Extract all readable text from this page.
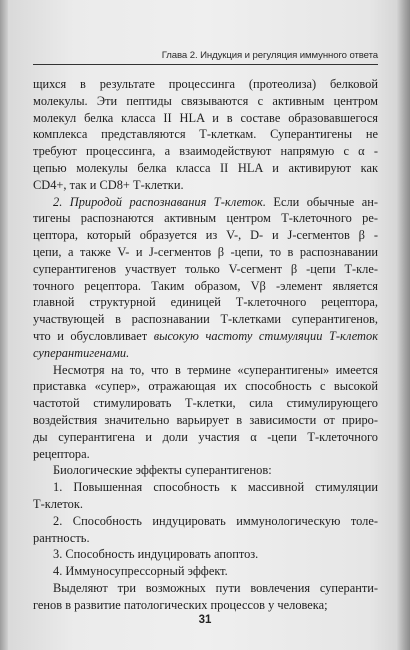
Глава 2. Индукция и регуляция иммунного ответа
щихся в результате процессинга (протеолиза) белковой
молекулы. Эти пептиды связываются с активным центром
молекул белка класса II HLA и в составе образовавшегося
комплекса представляются Т-клеткам. Суперантигены не
требуют процессинга, а взаимодействуют напрямую с α -
цепью молекулы белка класса II HLA и активируют как
CD4+, так и CD8+ Т-клетки.
2. Природой распознавания Т-клеток. Если обычные ан-
тигены распознаются активным центром Т-клеточного ре-
цептора, который образуется из V-, D- и J-сегментов β -
цепи, а также V- и J-сегментов β -цепи, то в распознавании
суперантигенов участвует только V-сегмент β -цепи Т-кле-
точного рецептора. Таким образом, Vβ -элемент является
главной структурной единицей Т-клеточного рецептора,
участвующей в распознавании Т-клетками суперантигенов,
что и обусловливает высокую частоту стимуляции Т-клеток
суперантигенами.
Несмотря на то, что в термине «суперантигены» имеется
приставка «супер», отражающая их способность с высокой
частотой стимулировать Т-клетки, сила стимулирующего
воздействия значительно варьирует в зависимости от приро-
ды суперантигена и доли участия α -цепи Т-клеточного
рецептора.
Биологические эффекты суперантигенов:
1. Повышенная способность к массивной стимуляции
Т-клеток.
2. Способность индуцировать иммунологическую толе-
рантность.
3. Способность индуцировать апоптоз.
4. Иммуносупрессорный эффект.
Выделяют три возможных пути вовлечения суперанти-
генов в развитие патологических процессов у человека;
31
